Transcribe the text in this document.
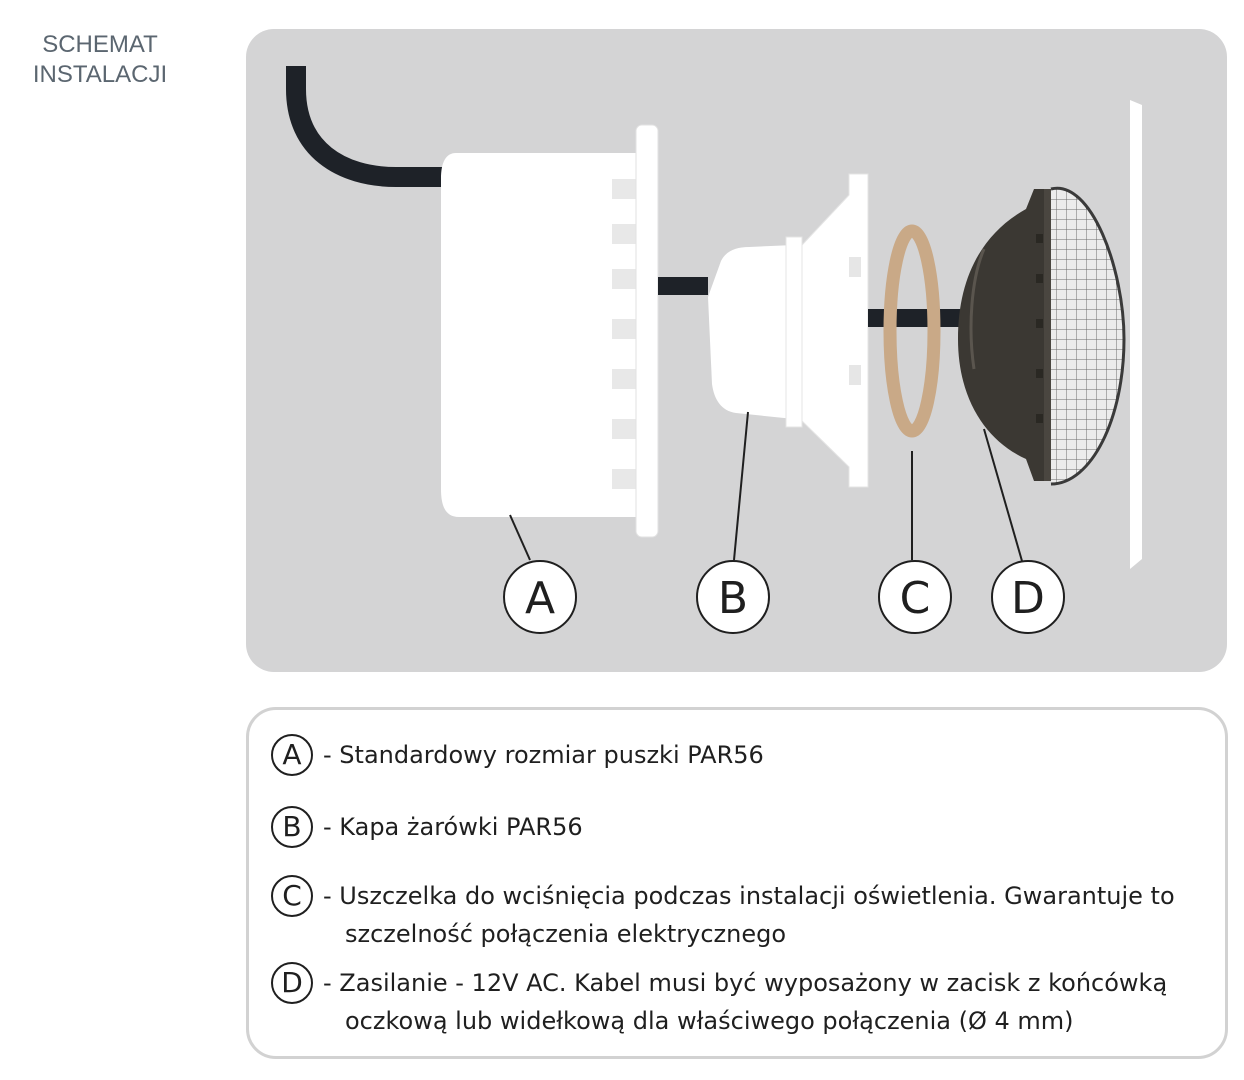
SCHEMAT
INSTALACJI
A	B	C D
A - Standardowy rozmiar puszki PAR56
B - Kapa żarówki PAR56
C - Uszczelka do wciśnięcia podczas instalacji oświetlenia. Gwarantuje to
szczelność połączenia elektrycznego
D - Zasilanie - 12V AC. Kabel musi być wyposażony w zacisk z końcówką
oczkową lub widełkową dla właściwego połączenia (Ø 4 mm)
